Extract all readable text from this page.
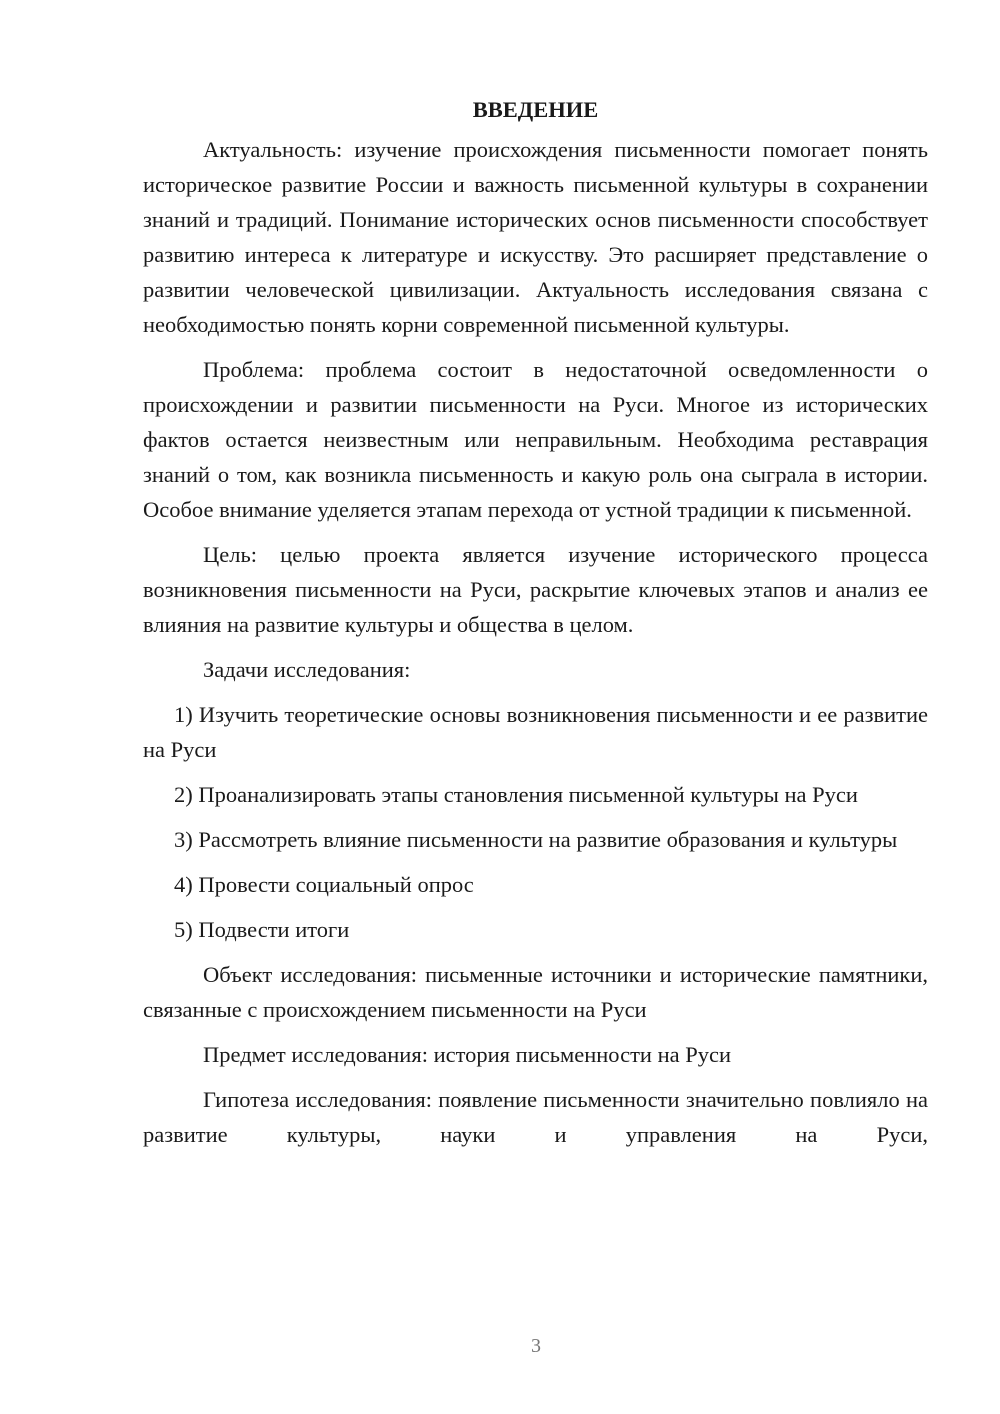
ВВЕДЕНИЕ

Актуальность: изучение происхождения письменности помогает понять историческое развитие России и важность письменной культуры в сохранении знаний и традиций. Понимание исторических основ письменности способствует развитию интереса к литературе и искусству. Это расширяет представление о развитии человеческой цивилизации. Актуальность исследования связана с необходимостью понять корни современной письменной культуры.

Проблема: проблема состоит в недостаточной осведомленности о происхождении и развитии письменности на Руси. Многое из исторических фактов остается неизвестным или неправильным. Необходима реставрация знаний о том, как возникла письменность и какую роль она сыграла в истории. Особое внимание уделяется этапам перехода от устной традиции к письменной.

Цель: целью проекта является изучение исторического процесса возникновения письменности на Руси, раскрытие ключевых этапов и анализ ее влияния на развитие культуры и общества в целом.

Задачи исследования:

1) Изучить теоретические основы возникновения письменности и ее развитие на Руси

2) Проанализировать этапы становления письменной культуры на Руси

3) Рассмотреть влияние письменности на развитие образования и культуры

4) Провести социальный опрос

5) Подвести итоги

Объект исследования: письменные источники и исторические памятники, связанные с происхождением письменности на Руси

Предмет исследования: история письменности на Руси

Гипотеза исследования: появление письменности значительно повлияло на развитие культуры, науки и управления на Руси,

3
